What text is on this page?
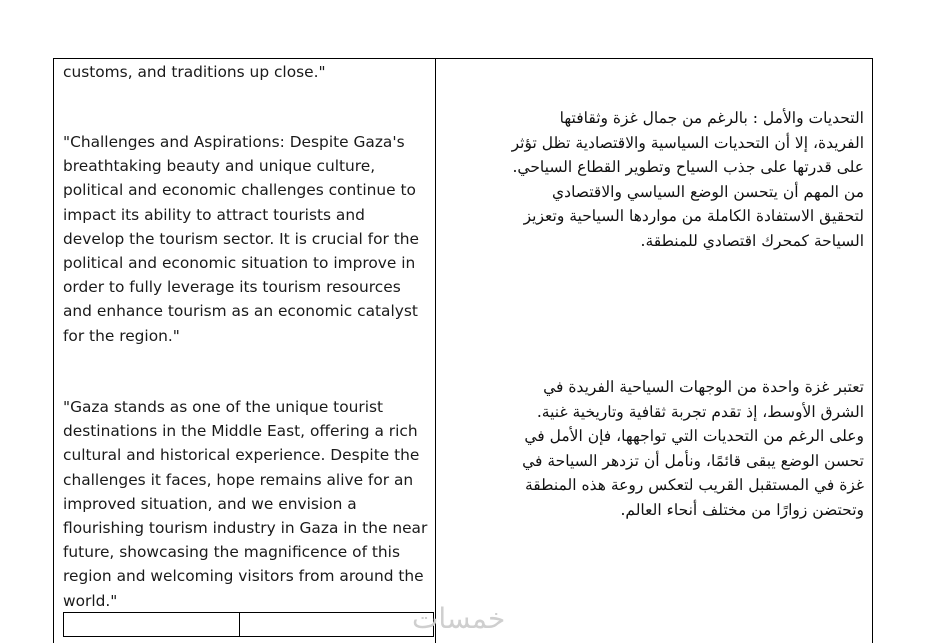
customs, and traditions up close."
"Challenges and Aspirations: Despite Gaza's breathtaking beauty and unique culture, political and economic challenges continue to impact its ability to attract tourists and develop the tourism sector. It is crucial for the political and economic situation to improve in order to fully leverage its tourism resources and enhance tourism as an economic catalyst for the region."
"Gaza stands as one of the unique tourist destinations in the Middle East, offering a rich cultural and historical experience. Despite the challenges it faces, hope remains alive for an improved situation, and we envision a flourishing tourism industry in Gaza in the near future, showcasing the magnificence of this region and welcoming visitors from around the world."
التحديات والأمل : بالرغم من جمال غزة وثقافتها الفريدة، إلا أن التحديات السياسية والاقتصادية تظل تؤثر على قدرتها على جذب السياح وتطوير القطاع السياحي. من المهم أن يتحسن الوضع السياسي والاقتصادي لتحقيق الاستفادة الكاملة من مواردها السياحية وتعزيز السياحة كمحرك اقتصادي للمنطقة.
تعتبر غزة واحدة من الوجهات السياحية الفريدة في الشرق الأوسط، إذ تقدم تجربة ثقافية وتاريخية غنية. وعلى الرغم من التحديات التي تواجهها، فإن الأمل في تحسن الوضع يبقى قائمًا، ونأمل أن تزدهر السياحة في غزة في المستقبل القريب لتعكس روعة هذه المنطقة وتحتضن زوارًا من مختلف أنحاء العالم.
خمسات
